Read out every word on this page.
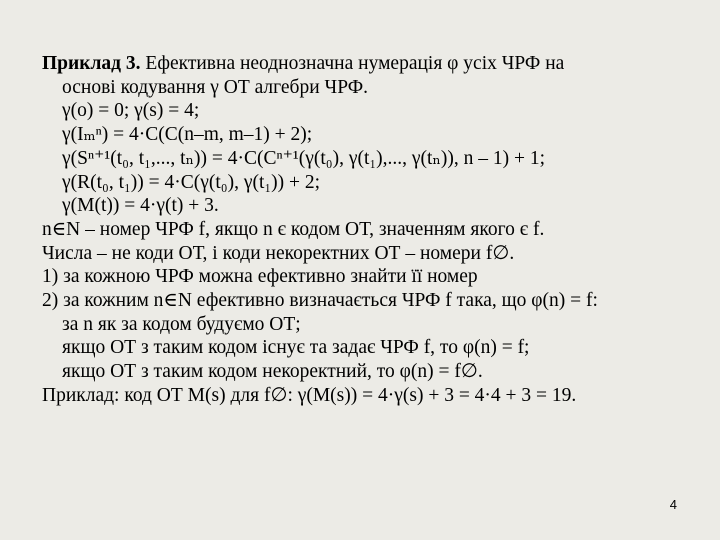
Приклад 3. Ефективна неоднозначна нумерація φ усіх ЧРФ на
основі кодування γ ОТ алгебри ЧРФ.
γ(o) = 0; γ(s) = 4;
γ(Iₘⁿ) = 4·C(C(n–m, m–1) + 2);
γ(Sⁿ⁺¹(t₀, t₁,..., tₙ)) = 4·C(Cⁿ⁺¹(γ(t₀), γ(t₁),..., γ(tₙ)), n – 1) + 1;
γ(R(t₀, t₁)) = 4·C(γ(t₀), γ(t₁)) + 2;
γ(M(t)) = 4·γ(t) + 3.
n∈N – номер ЧРФ f, якщо n є кодом ОТ, значенням якого є f.
Числа – не коди ОТ, і коди некоректних ОТ – номери f∅.
1) за кожною ЧРФ можна ефективно знайти її номер
2) за кожним n∈N ефективно визначається ЧРФ f така, що φ(n) = f:
за n як за кодом будуємо ОТ;
якщо ОТ з таким кодом існує та задає ЧРФ f, то φ(n) = f;
якщо ОТ з таким кодом некоректний, то φ(n) = f∅.
Приклад: код ОТ M(s) для f∅: γ(M(s)) = 4·γ(s) + 3 = 4·4 + 3 = 19.
4
